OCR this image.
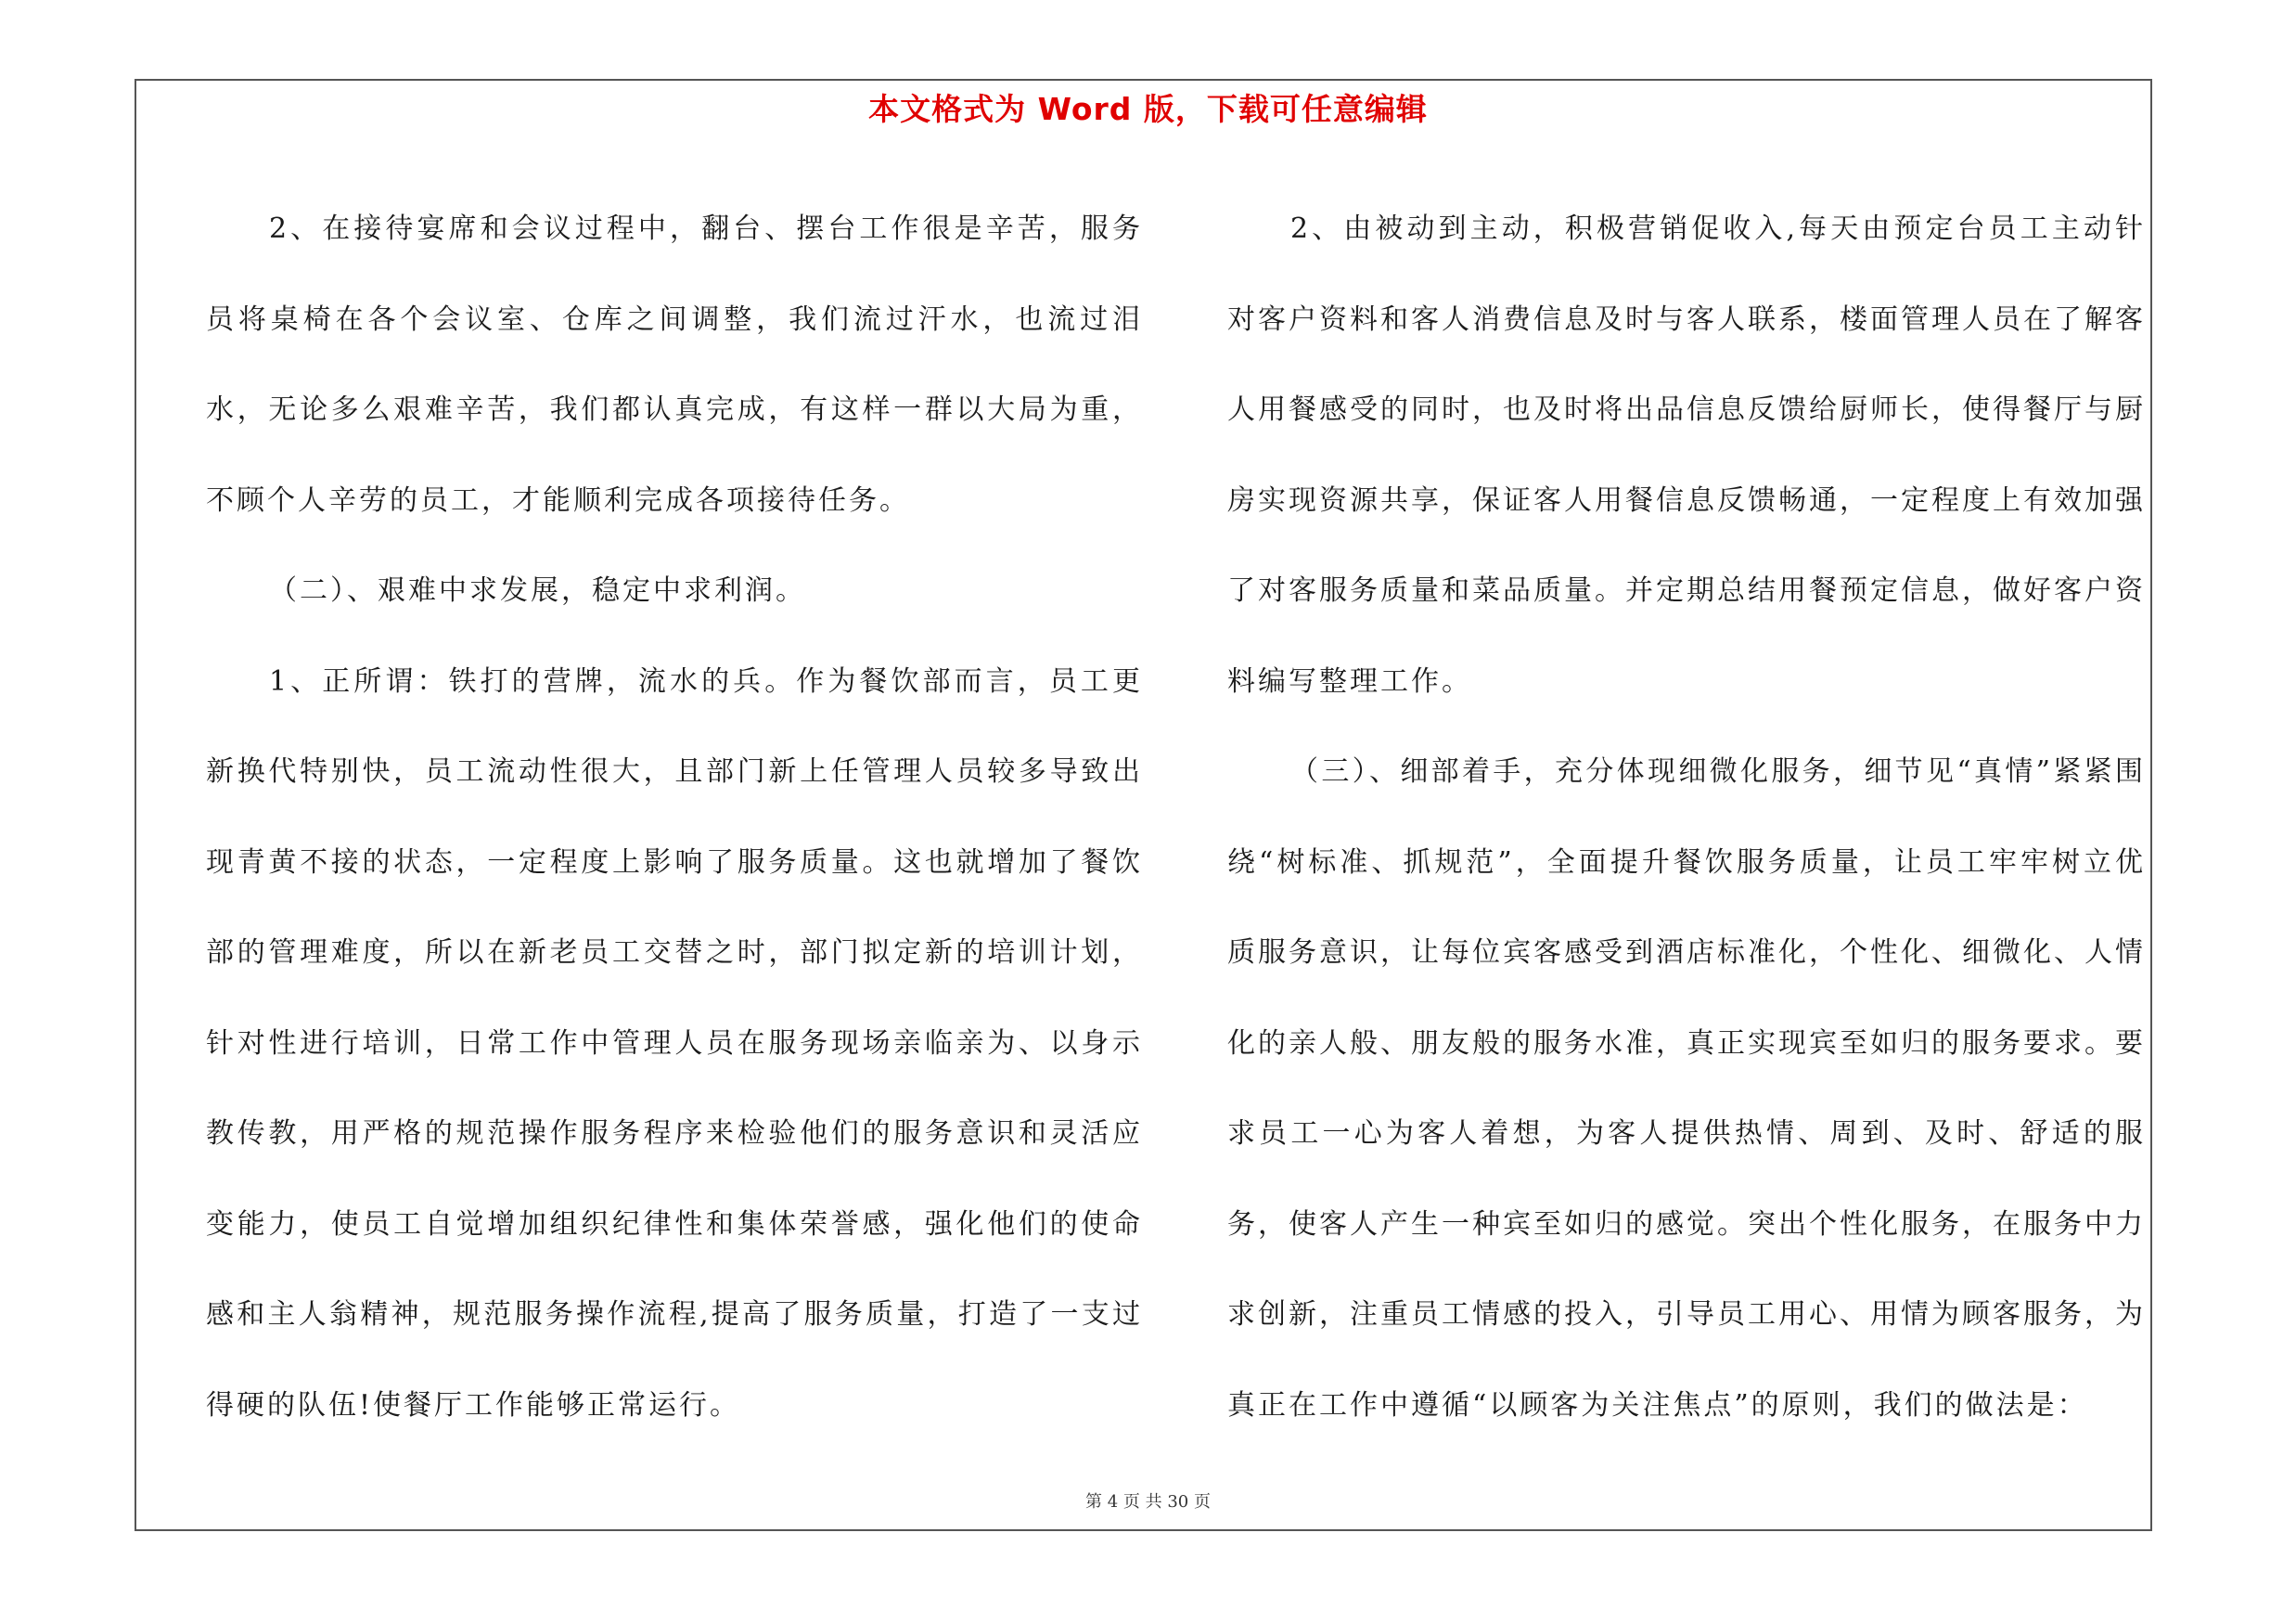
本文格式为 Word 版，下载可任意编辑

2、在接待宴席和会议过程中，翻台、摆台工作很是辛苦，服务员将桌椅在各个会议室、仓库之间调整，我们流过汗水，也流过泪水，无论多么艰难辛苦，我们都认真完成，有这样一群以大局为重，不顾个人辛劳的员工，才能顺利完成各项接待任务。

（二）、艰难中求发展，稳定中求利润。

1、正所谓：铁打的营牌，流水的兵。作为餐饮部而言，员工更新换代特别快，员工流动性很大，且部门新上任管理人员较多导致出现青黄不接的状态，一定程度上影响了服务质量。这也就增加了餐饮部的管理难度，所以在新老员工交替之时，部门拟定新的培训计划，针对性进行培训，日常工作中管理人员在服务现场亲临亲为、以身示教传教，用严格的规范操作服务程序来检验他们的服务意识和灵活应变能力，使员工自觉增加组织纪律性和集体荣誉感，强化他们的使命感和主人翁精神，规范服务操作流程,提高了服务质量，打造了一支过得硬的队伍!使餐厅工作能够正常运行。

2、由被动到主动，积极营销促收入,每天由预定台员工主动针对客户资料和客人消费信息及时与客人联系，楼面管理人员在了解客人用餐感受的同时，也及时将出品信息反馈给厨师长，使得餐厅与厨房实现资源共享，保证客人用餐信息反馈畅通，一定程度上有效加强了对客服务质量和菜品质量。并定期总结用餐预定信息，做好客户资料编写整理工作。

（三）、细部着手，充分体现细微化服务，细节见“真情”紧紧围绕“树标准、抓规范”，全面提升餐饮服务质量，让员工牢牢树立优质服务意识，让每位宾客感受到酒店标准化，个性化、细微化、人情化的亲人般、朋友般的服务水准，真正实现宾至如归的服务要求。要求员工一心为客人着想，为客人提供热情、周到、及时、舒适的服务，使客人产生一种宾至如归的感觉。突出个性化服务，在服务中力求创新，注重员工情感的投入，引导员工用心、用情为顾客服务，为真正在工作中遵循“以顾客为关注焦点”的原则，我们的做法是：

第 4 页 共 30 页
